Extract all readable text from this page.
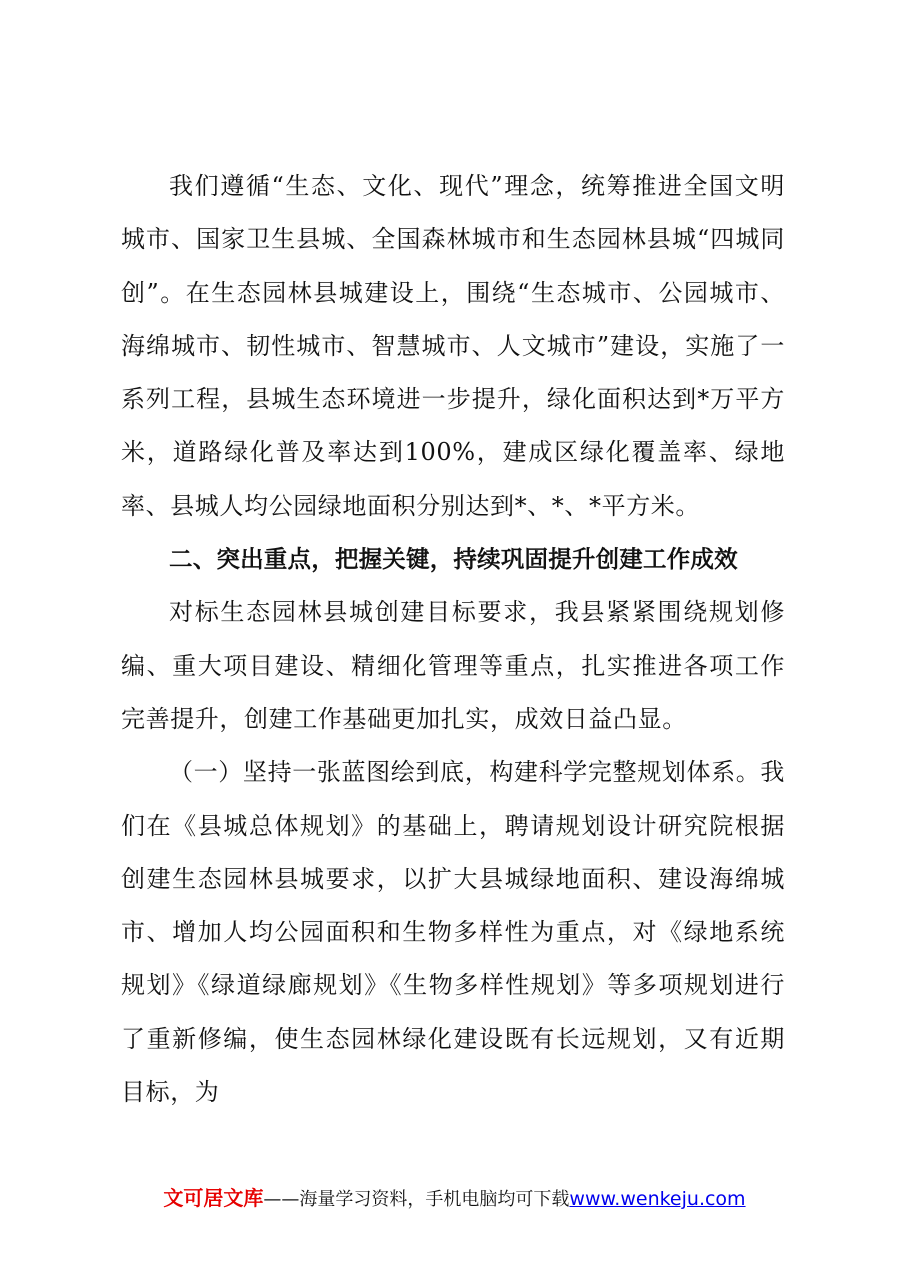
我们遵循“生态、文化、现代”理念，统筹推进全国文明城市、国家卫生县城、全国森林城市和生态园林县城“四城同创”。在生态园林县城建设上，围绕“生态城市、公园城市、海绵城市、韧性城市、智慧城市、人文城市”建设，实施了一系列工程，县城生态环境进一步提升，绿化面积达到*万平方米，道路绿化普及率达到100%，建成区绿化覆盖率、绿地率、县城人均公园绿地面积分别达到*、*、*平方米。

二、突出重点，把握关键，持续巩固提升创建工作成效

对标生态园林县城创建目标要求，我县紧紧围绕规划修编、重大项目建设、精细化管理等重点，扎实推进各项工作完善提升，创建工作基础更加扎实，成效日益凸显。

（一）坚持一张蓝图绘到底，构建科学完整规划体系。我们在《县城总体规划》的基础上，聘请规划设计研究院根据创建生态园林县城要求，以扩大县城绿地面积、建设海绵城市、增加人均公园面积和生物多样性为重点，对《绿地系统规划》《绿道绿廊规划》《生物多样性规划》等多项规划进行了重新修编，使生态园林绿化建设既有长远规划，又有近期目标，为

文可居文库——海量学习资料，手机电脑均可下载www.wenkeju.com
